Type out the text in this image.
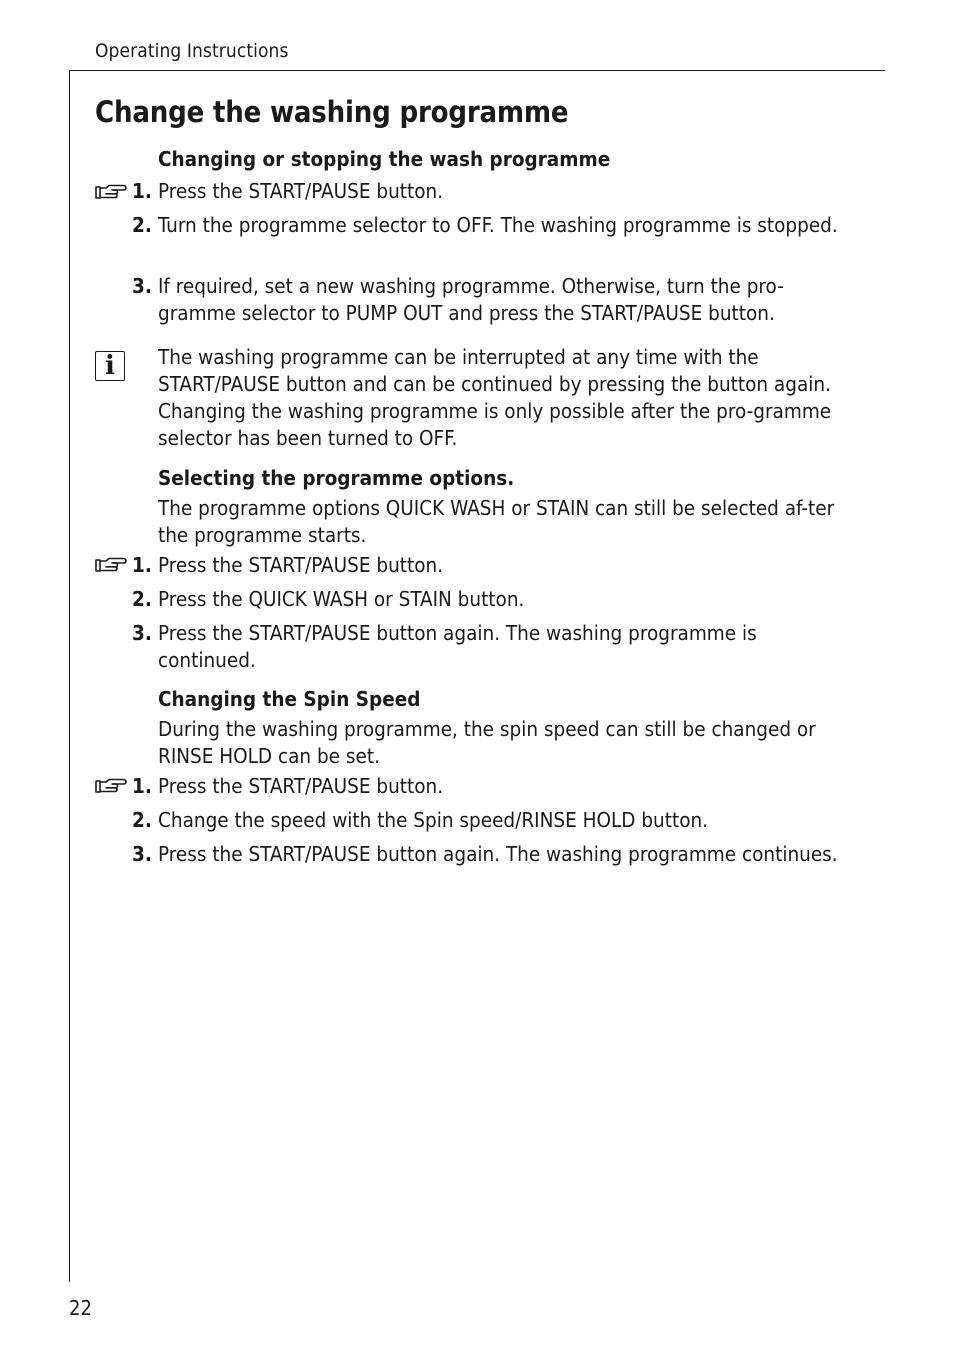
Operating Instructions
Change the washing programme
Changing or stopping the wash programme
1. Press the START/PAUSE button.
2. Turn the programme selector to OFF. The washing programme is stopped.
3. If required, set a new washing programme. Otherwise, turn the pro-gramme selector to PUMP OUT and press the START/PAUSE button.
i	The washing programme can be interrupted at any time with the START/PAUSE button and can be continued by pressing the button again. Changing the washing programme is only possible after the pro-gramme selector has been turned to OFF.
Selecting the programme options.
The programme options QUICK WASH or STAIN can still be selected af-ter the programme starts.
1. Press the START/PAUSE button.
2. Press the QUICK WASH or STAIN button.
3. Press the START/PAUSE button again. The washing programme is continued.
Changing the Spin Speed
During the washing programme, the spin speed can still be changed or RINSE HOLD can be set.
1. Press the START/PAUSE button.
2. Change the speed with the Spin speed/RINSE HOLD button.
3. Press the START/PAUSE button again. The washing programme continues.
22
